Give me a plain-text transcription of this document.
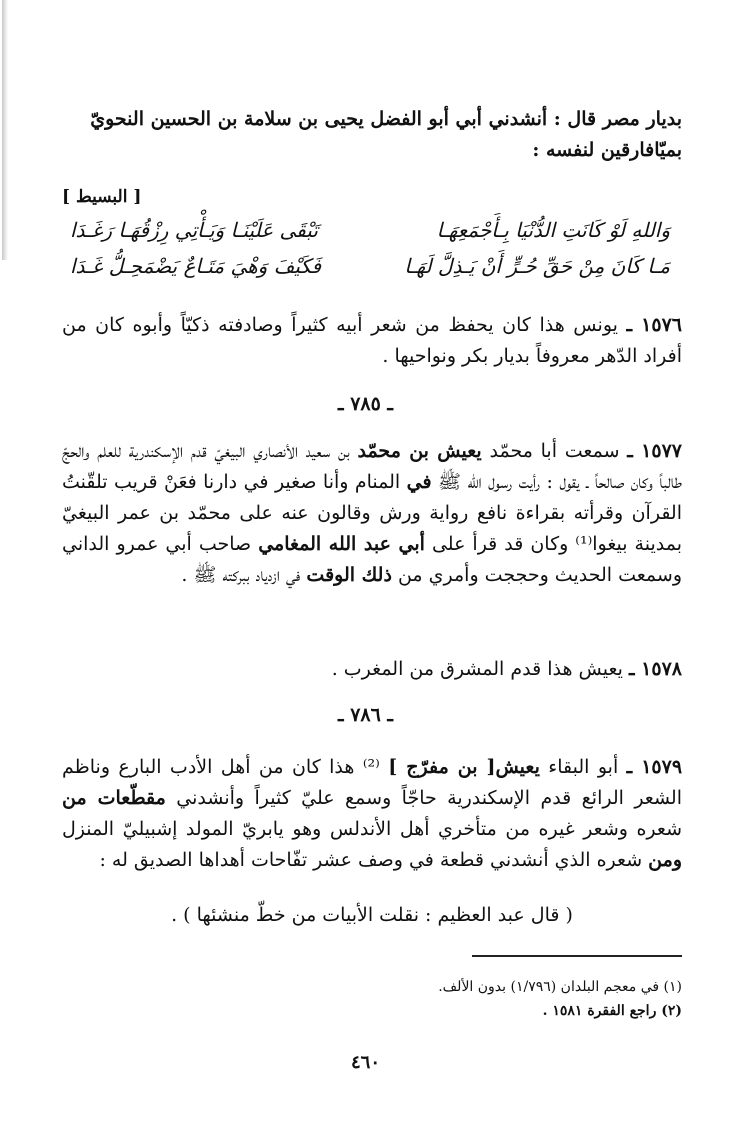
بديار مصر قال : أنشدني أبي أبو الفضل يحيى بن سلامة بن الحسين النحويّ
بميّافارقين لنفسه :
[ البسيط ]
وَاللهِ لَوْ كَانَتِ الدُّنْيَا بِـأَجْمَعِهَـا
تَبْقَى عَلَيْنَـا وَيَـأْتِي رِزْقُهَـا رَغَـدَا
مَـا كَانَ مِنْ حَقِّ حُـرٍّ أَنْ يَـذِلَّ لَهَـا
فَكَيْفَ وَهْيَ مَتَـاعٌ يَضْمَحِـلُّ غَـدَا
١٥٧٦ ـ يونس هذا كان يحفظ من شعر أبيه كثيراً وصادفته ذكيّاً وأبوه كان من أفراد الدّهر معروفاً بديار بكر ونواحيها .
ـ ٧٨٥ ـ
١٥٧٧ ـ سمعت أبا محمّد يعيش بن محمّد بن سعيد الأنصاري البيغيّ قدم الإسكندرية للعلم والحجّ طالباً وكان صالحاً ـ يقول : رأيت رسول الله ﷺ في المنام وأنا صغير في دارنا فعَنْ قريب تلقّنتُ القرآن وقرأته بقراءة نافع رواية ورش وقالون عنه على محمّد بن عمر البيغيّ بمدينة بيغوا⁽¹⁾ وكان قد قرأ على أبي عبد الله المغامي صاحب أبي عمرو الداني وسمعت الحديث وحججت وأمري من ذلك الوقت في ازدياد ببركته ﷺ .
١٥٧٨ ـ يعيش هذا قدم المشرق من المغرب .
ـ ٧٨٦ ـ
١٥٧٩ ـ أبو البقاء يعيش[ بن مفرّج ] ⁽²⁾ هذا كان من أهل الأدب البارع وناظم الشعر الرائع قدم الإسكندرية حاجّاً وسمع عليّ كثيراً وأنشدني مقطّعات من شعره وشعر غيره من متأخري أهل الأندلس وهو يابريّ المولد إشبيليّ المنزل ومن شعره الذي أنشدني قطعة في وصف عشر تفّاحات أهداها الصديق له :
( قال عبد العظيم : نقلت الأبيات من خطّ منشئها ) .
(١) في معجم البلدان (١/٧٩٦) بدون الألف.
(٢) راجع الفقرة ١٥٨١ .
٤٦٠
